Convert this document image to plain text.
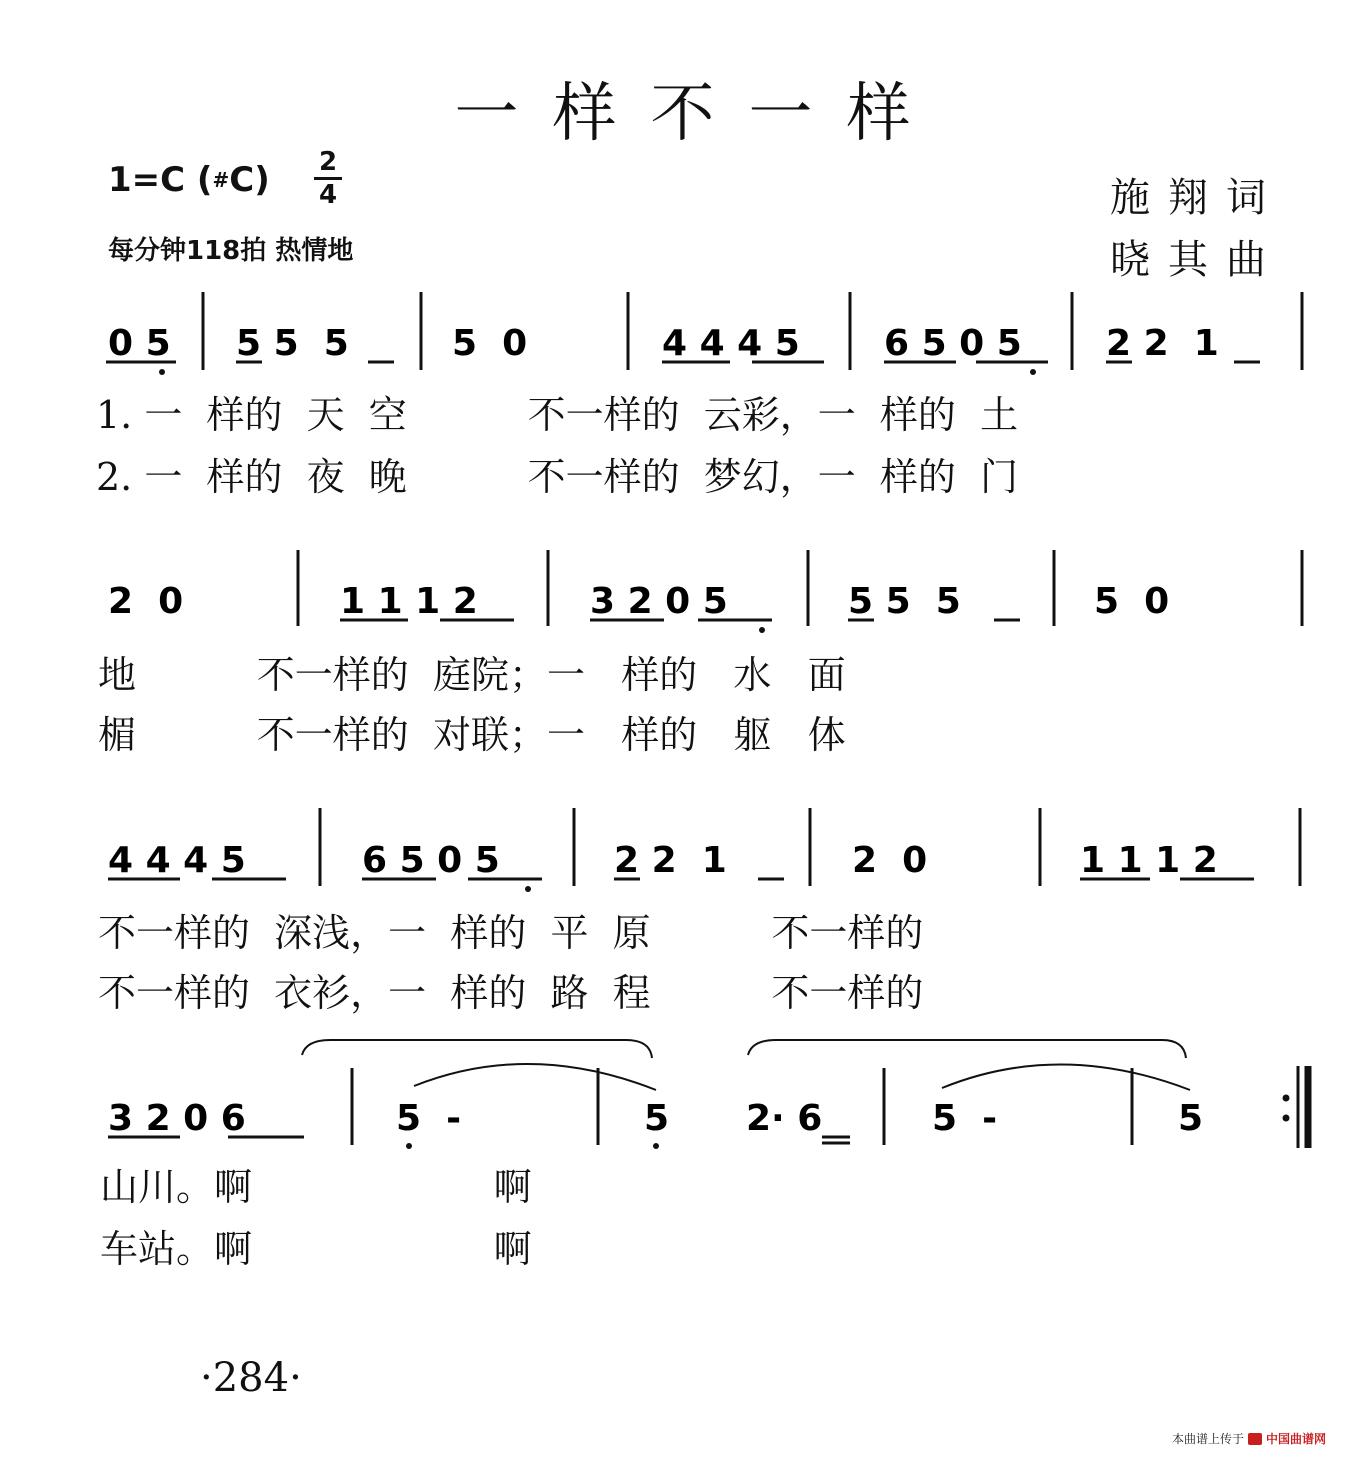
一样不一样
1=C ( # C) 2
4
每分钟118拍 热情地
施翔词
晓其曲
0 5 5 5  5	5  0	4 4 4 5 6 5 0 5 2 2  1
1. 一  样的  天  空          不一样的  云彩，一  样的  土
2. 一  样的  夜  晚          不一样的  梦幻，一  样的  门
2  0	1 1 1 2	3 2 0 5	5 5  5	5  0
地          不一样的  庭院；一   样的   水   面
楣          不一样的  对联；一   样的   躯   体
4 4 4 5	6 5 0 5	2 2  1	2  0	1 1 1 2
不一样的  深浅，一  样的  平  原          不一样的
不一样的  衣衫，一  样的  路  程          不一样的
3 2 0 6	5  -	5 2· 6	5  -	5
山川。啊                    啊
车站。啊                    啊
·284·
本曲谱上传于 中国曲谱网
